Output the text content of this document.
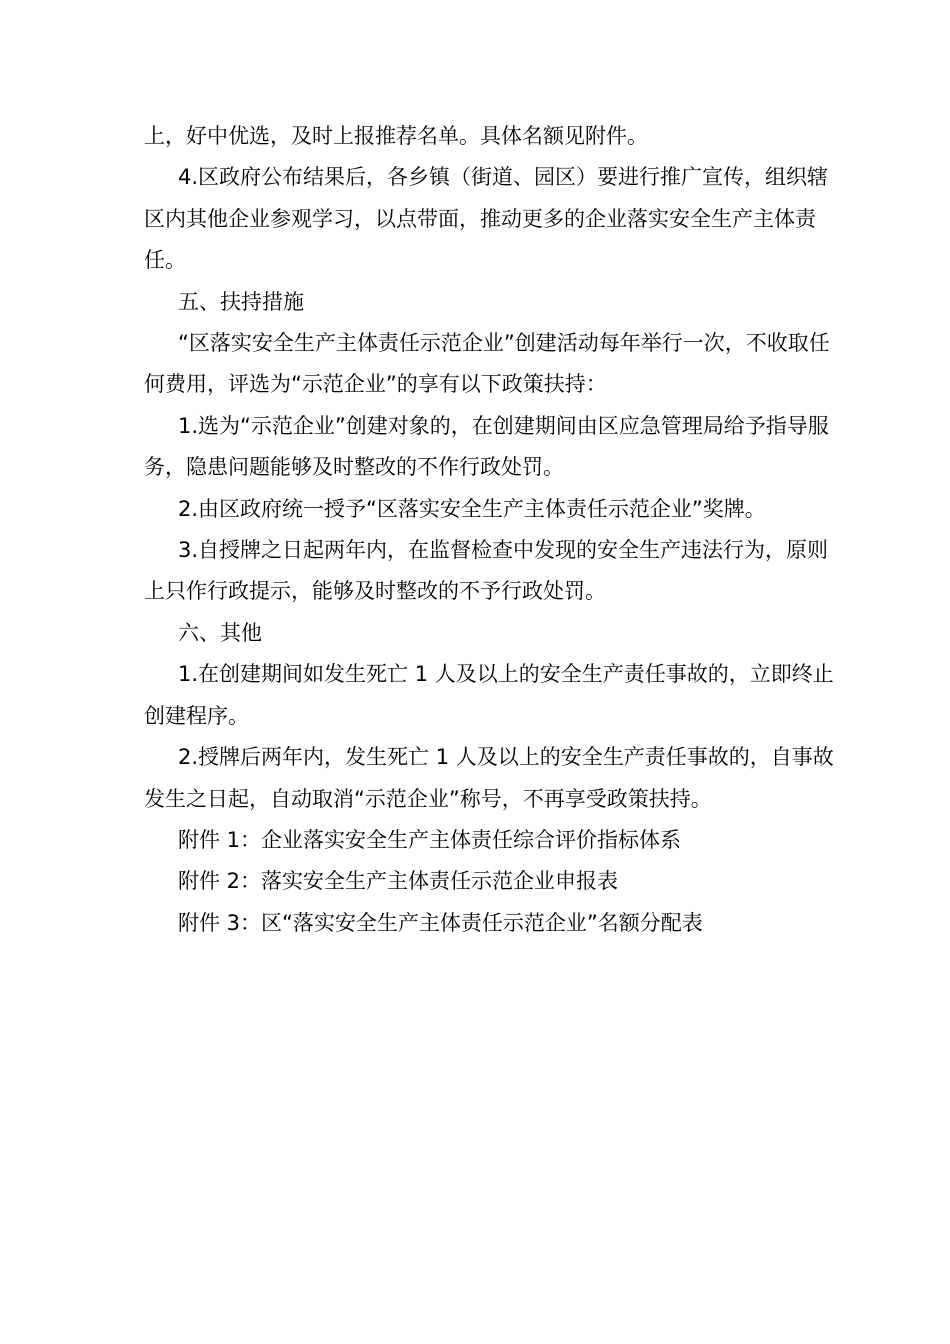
上，好中优选，及时上报推荐名单。具体名额见附件。

4.区政府公布结果后，各乡镇（街道、园区）要进行推广宣传，组织辖区内其他企业参观学习，以点带面，推动更多的企业落实安全生产主体责任。

五、扶持措施

“区落实安全生产主体责任示范企业”创建活动每年举行一次，不收取任何费用，评选为“示范企业”的享有以下政策扶持：

1.选为“示范企业”创建对象的，在创建期间由区应急管理局给予指导服务，隐患问题能够及时整改的不作行政处罚。

2.由区政府统一授予“区落实安全生产主体责任示范企业”奖牌。

3.自授牌之日起两年内，在监督检查中发现的安全生产违法行为，原则上只作行政提示，能够及时整改的不予行政处罚。

六、其他

1.在创建期间如发生死亡 1 人及以上的安全生产责任事故的，立即终止创建程序。

2.授牌后两年内，发生死亡 1 人及以上的安全生产责任事故的，自事故发生之日起，自动取消“示范企业”称号，不再享受政策扶持。

附件 1：企业落实安全生产主体责任综合评价指标体系

附件 2：落实安全生产主体责任示范企业申报表

附件 3：区“落实安全生产主体责任示范企业”名额分配表
